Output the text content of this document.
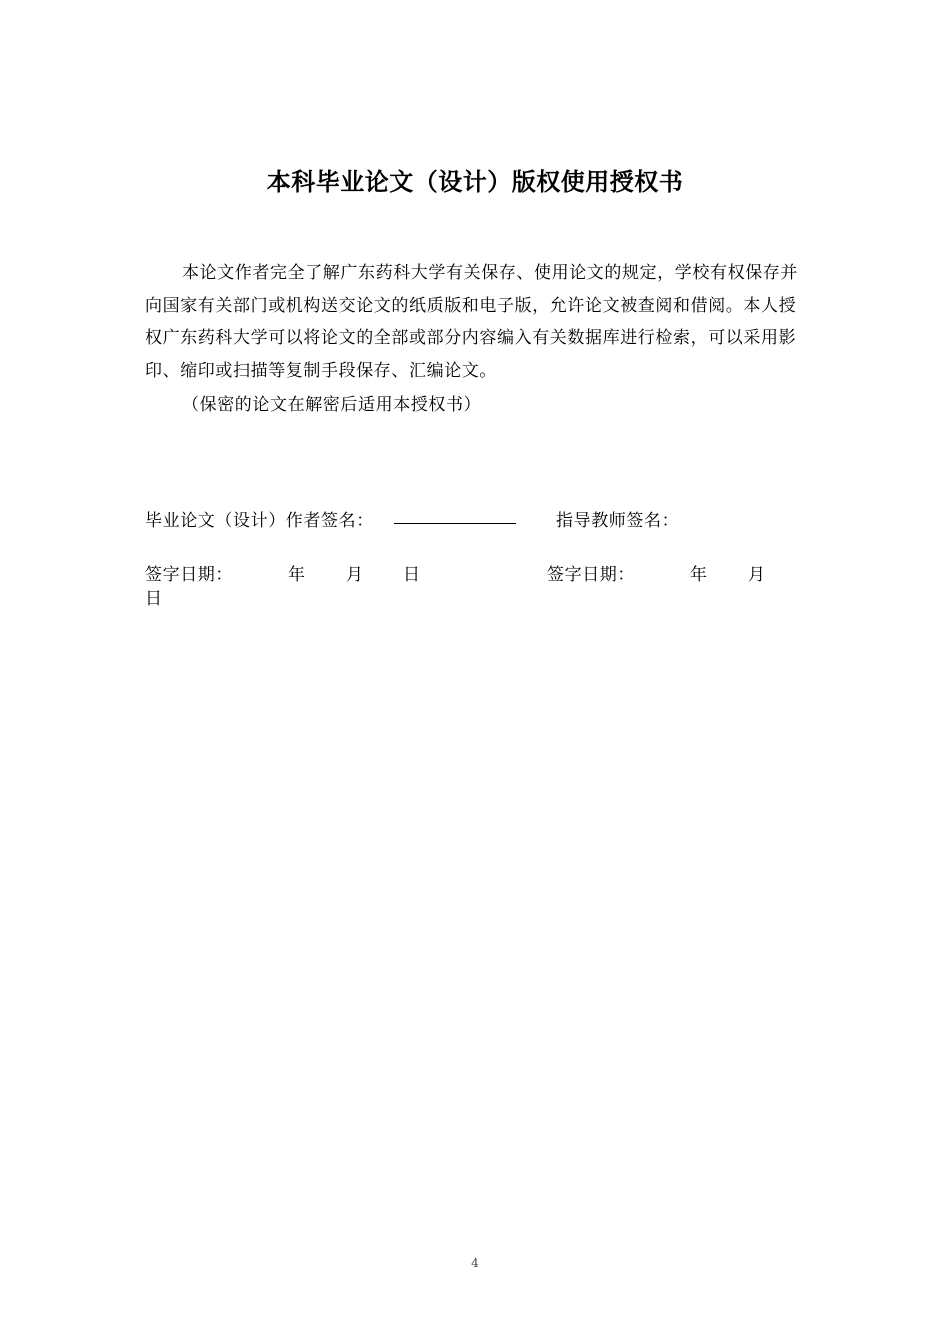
本科毕业论文（设计）版权使用授权书

本论文作者完全了解广东药科大学有关保存、使用论文的规定，学校有权保存并向国家有关部门或机构送交论文的纸质版和电子版，允许论文被查阅和借阅。本人授权广东药科大学可以将论文的全部或部分内容编入有关数据库进行检索，可以采用影印、缩印或扫描等复制手段保存、汇编论文。

（保密的论文在解密后适用本授权书）
毕业论文（设计）作者签名：	指导教师签名：
签字日期：	年 月 日	签字日期：	年 月
日
4
